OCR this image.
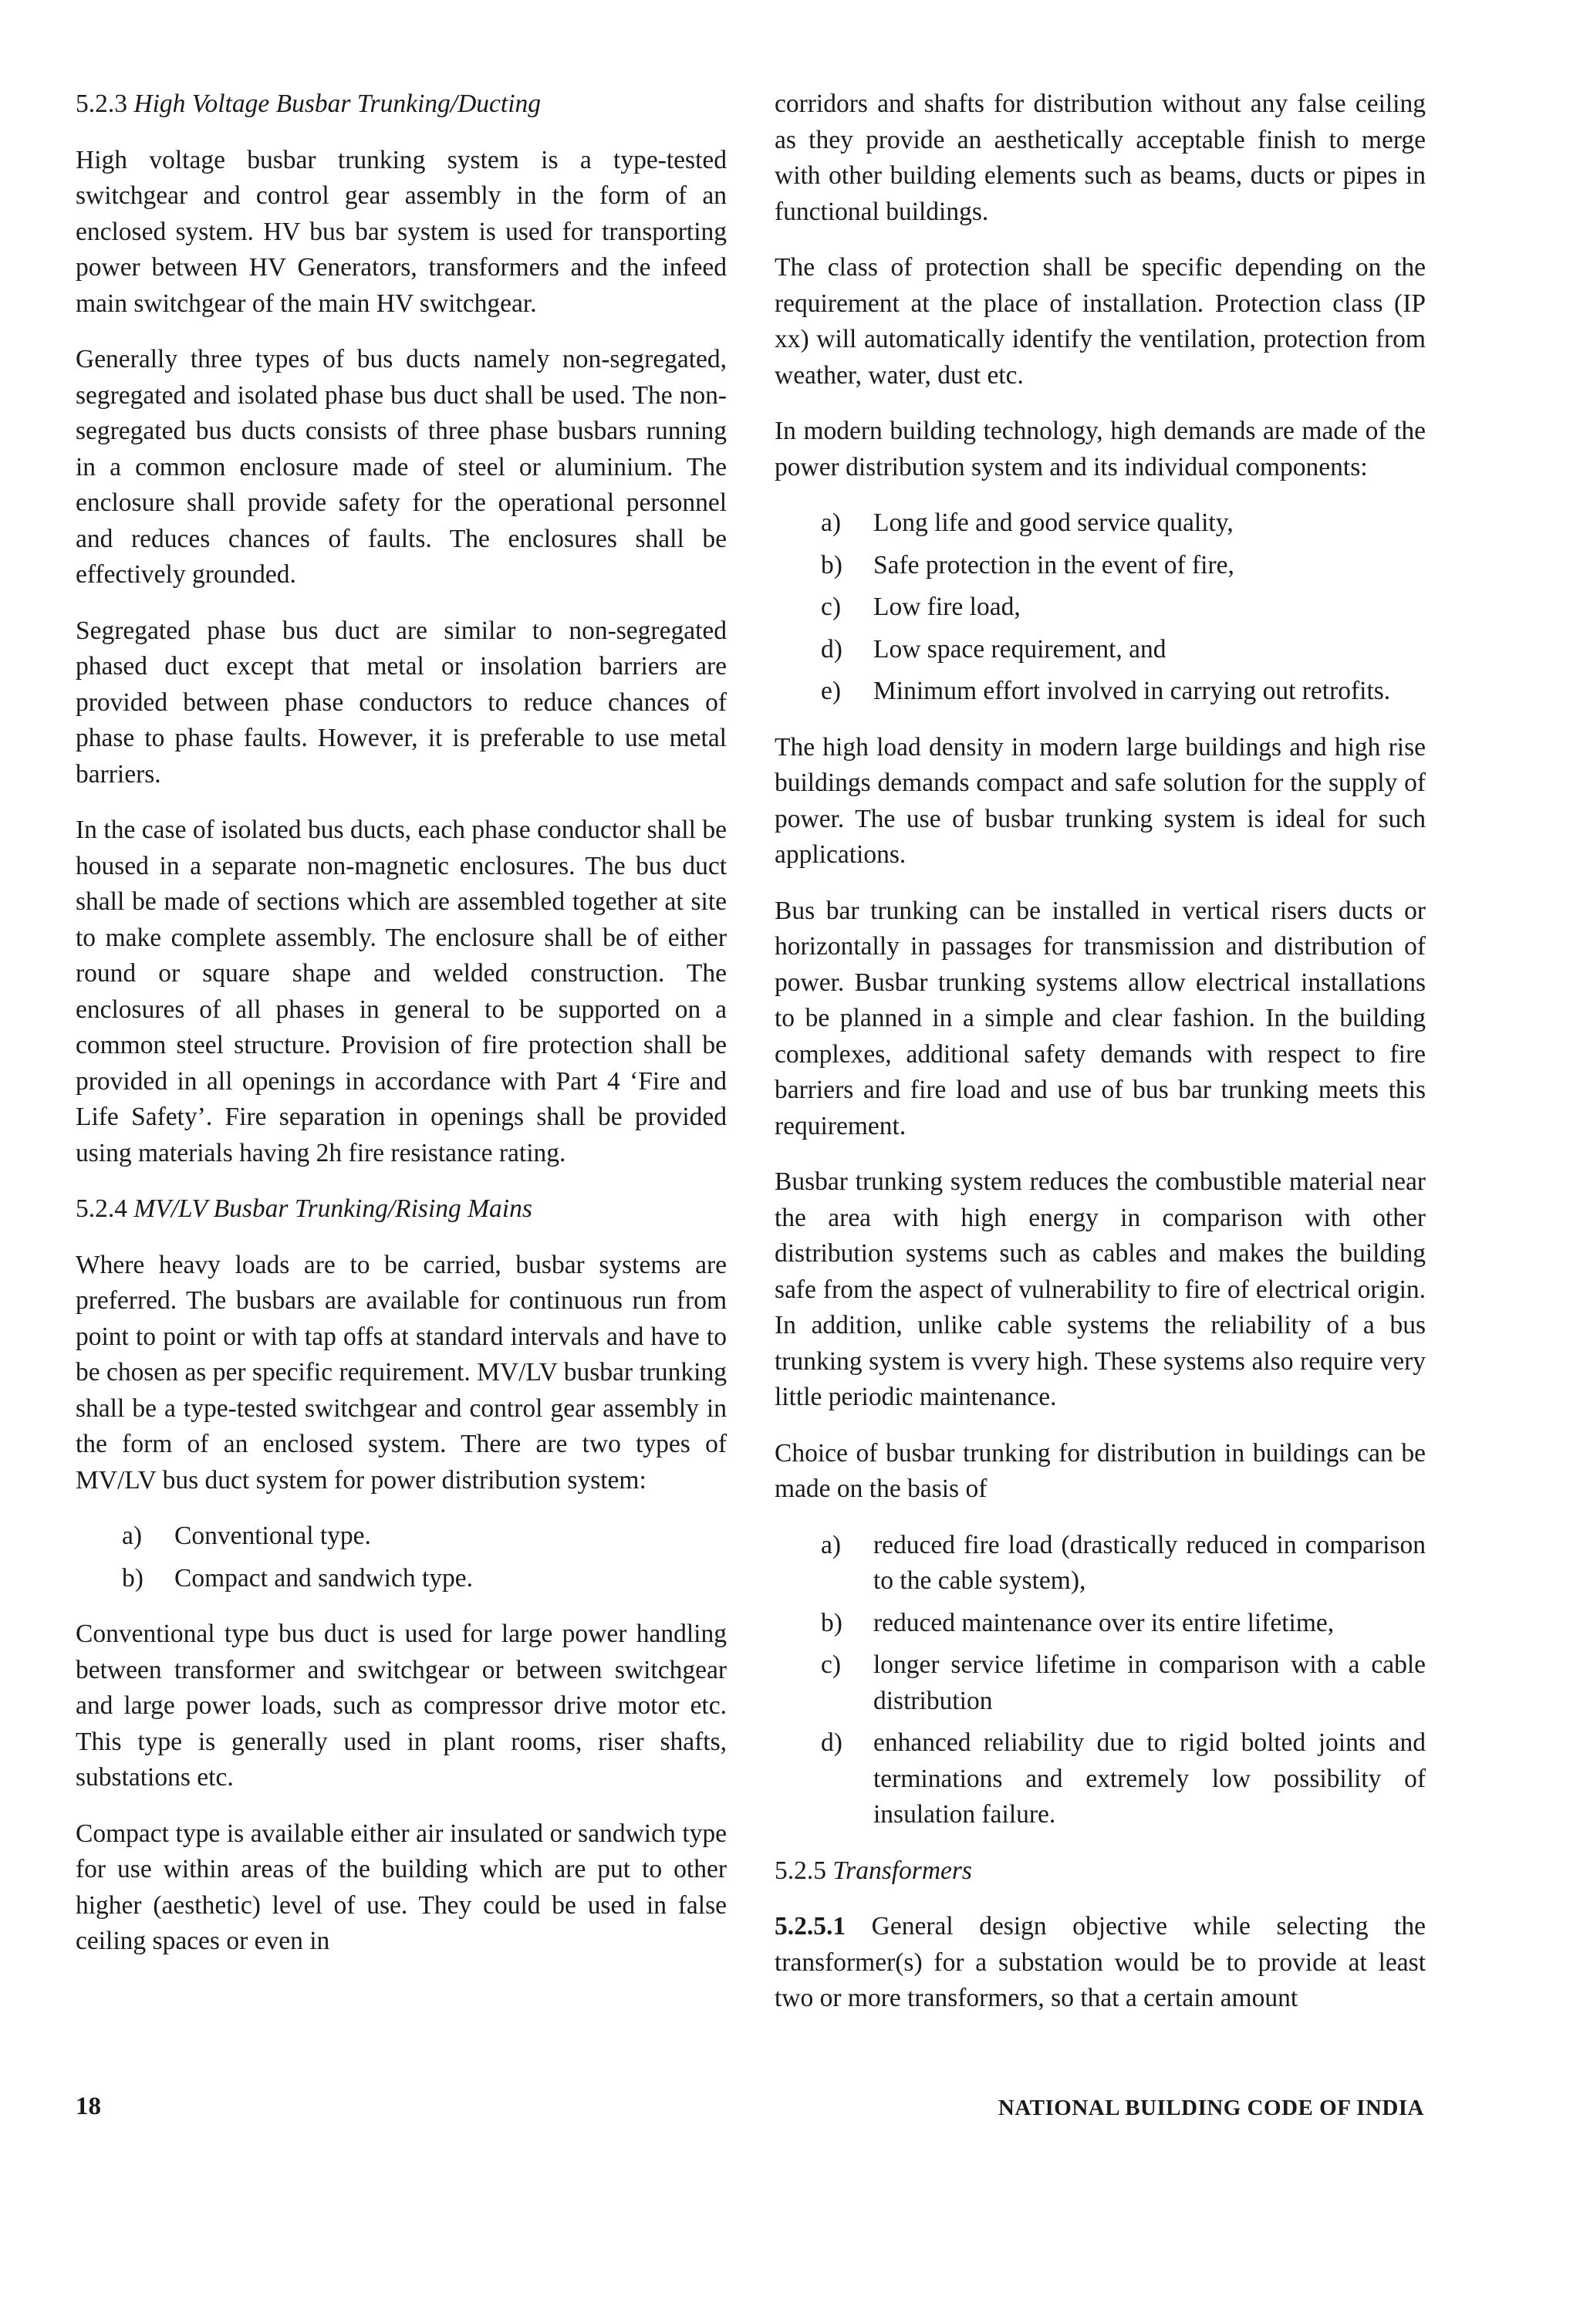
5.2.3 High Voltage Busbar Trunking/Ducting

High voltage busbar trunking system is a type-tested switchgear and control gear assembly in the form of an enclosed system. HV bus bar system is used for transporting power between HV Generators, transformers and the infeed main switchgear of the main HV switchgear.

Generally three types of bus ducts namely non-segregated, segregated and isolated phase bus duct shall be used. The non-segregated bus ducts consists of three phase busbars running in a common enclosure made of steel or aluminium. The enclosure shall provide safety for the operational personnel and reduces chances of faults. The enclosures shall be effectively grounded.

Segregated phase bus duct are similar to non-segregated phased duct except that metal or insolation barriers are provided between phase conductors to reduce chances of phase to phase faults. However, it is preferable to use metal barriers.

In the case of isolated bus ducts, each phase conductor shall be housed in a separate non-magnetic enclosures. The bus duct shall be made of sections which are assembled together at site to make complete assembly. The enclosure shall be of either round or square shape and welded construction. The enclosures of all phases in general to be supported on a common steel structure. Provision of fire protection shall be provided in all openings in accordance with Part 4 ‘Fire and Life Safety’. Fire separation in openings shall be provided using materials having 2h fire resistance rating.

5.2.4 MV/LV Busbar Trunking/Rising Mains

Where heavy loads are to be carried, busbar systems are preferred. The busbars are available for continuous run from point to point or with tap offs at standard intervals and have to be chosen as per specific requirement. MV/LV busbar trunking shall be a type-tested switchgear and control gear assembly in the form of an enclosed system. There are two types of MV/LV bus duct system for power distribution system:

a)	Conventional type.
b)	Compact and sandwich type.

Conventional type bus duct is used for large power handling between transformer and switchgear or between switchgear and large power loads, such as compressor drive motor etc. This type is generally used in plant rooms, riser shafts, substations etc.

Compact type is available either air insulated or sandwich type for use within areas of the building which are put to other higher (aesthetic) level of use. They could be used in false ceiling spaces or even in

corridors and shafts for distribution without any false ceiling as they provide an aesthetically acceptable finish to merge with other building elements such as beams, ducts or pipes in functional buildings.

The class of protection shall be specific depending on the requirement at the place of installation. Protection class (IP xx) will automatically identify the ventilation, protection from weather, water, dust etc.

In modern building technology, high demands are made of the power distribution system and its individual components:

a)	Long life and good service quality,
b)	Safe protection in the event of fire,
c)	Low fire load,
d)	Low space requirement, and
e)	Minimum effort involved in carrying out retrofits.

The high load density in modern large buildings and high rise buildings demands compact and safe solution for the supply of power. The use of busbar trunking system is ideal for such applications.

Bus bar trunking can be installed in vertical risers ducts or horizontally in passages for transmission and distribution of power. Busbar trunking systems allow electrical installations to be planned in a simple and clear fashion. In the building complexes, additional safety demands with respect to fire barriers and fire load and use of bus bar trunking meets this requirement.

Busbar trunking system reduces the combustible material near the area with high energy in comparison with other distribution systems such as cables and makes the building safe from the aspect of vulnerability to fire of electrical origin. In addition, unlike cable systems the reliability of a bus trunking system is vvery high. These systems also require very little periodic maintenance.

Choice of busbar trunking for distribution in buildings can be made on the basis of

a)	reduced fire load (drastically reduced in comparison to the cable system),
b)	reduced maintenance over its entire lifetime,
c)	longer service lifetime in comparison with a cable distribution
d)	enhanced reliability due to rigid bolted joints and terminations and extremely low possibility of insulation failure.
5.2.5 Transformers

5.2.5.1 General design objective while selecting the transformer(s) for a substation would be to provide at least two or more transformers, so that a certain amount

18	NATIONAL BUILDING CODE OF INDIA
